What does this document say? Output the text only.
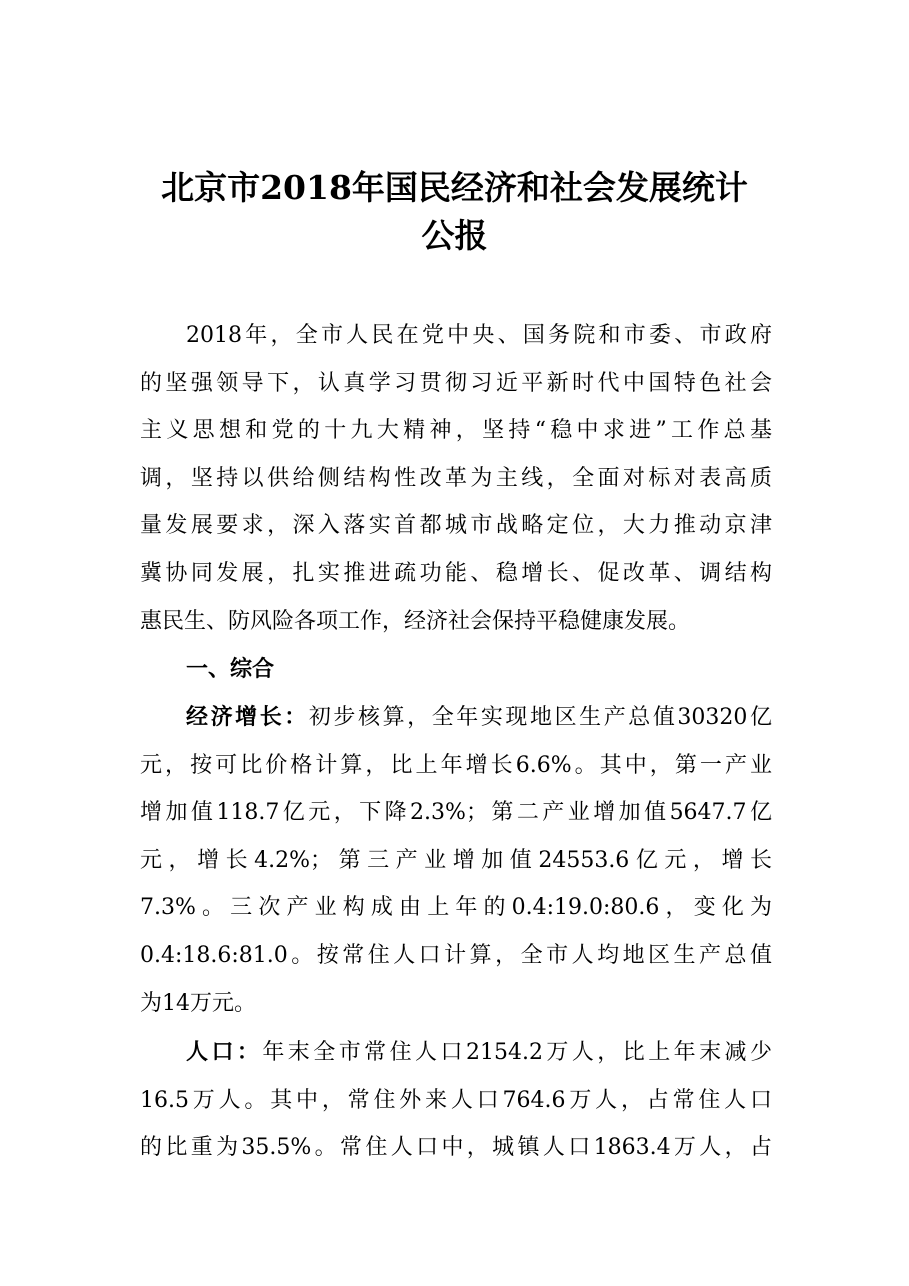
北京市2018年国民经济和社会发展统计
公报
2018年，全市人民在党中央、国务院和市委、市政府
的坚强领导下，认真学习贯彻习近平新时代中国特色社会
主义思想和党的十九大精神，坚持“稳中求进”工作总基
调，坚持以供给侧结构性改革为主线，全面对标对表高质
量发展要求，深入落实首都城市战略定位，大力推动京津
冀协同发展，扎实推进疏功能、稳增长、促改革、调结构
惠民生、防风险各项工作，经济社会保持平稳健康发展。
一、综合
经济增长：初步核算，全年实现地区生产总值30320亿
元，按可比价格计算，比上年增长6.6%。其中，第一产业
增加值118.7亿元，下降2.3%；第二产业增加值5647.7亿
元，增长4.2%；第三产业增加值24553.6亿元，增长
7.3%。三次产业构成由上年的0.4:19.0:80.6，变化为
0.4:18.6:81.0。按常住人口计算，全市人均地区生产总值
为14万元。
人口：年末全市常住人口2154.2万人，比上年末减少
16.5万人。其中，常住外来人口764.6万人，占常住人口
的比重为35.5%。常住人口中，城镇人口1863.4万人，占
